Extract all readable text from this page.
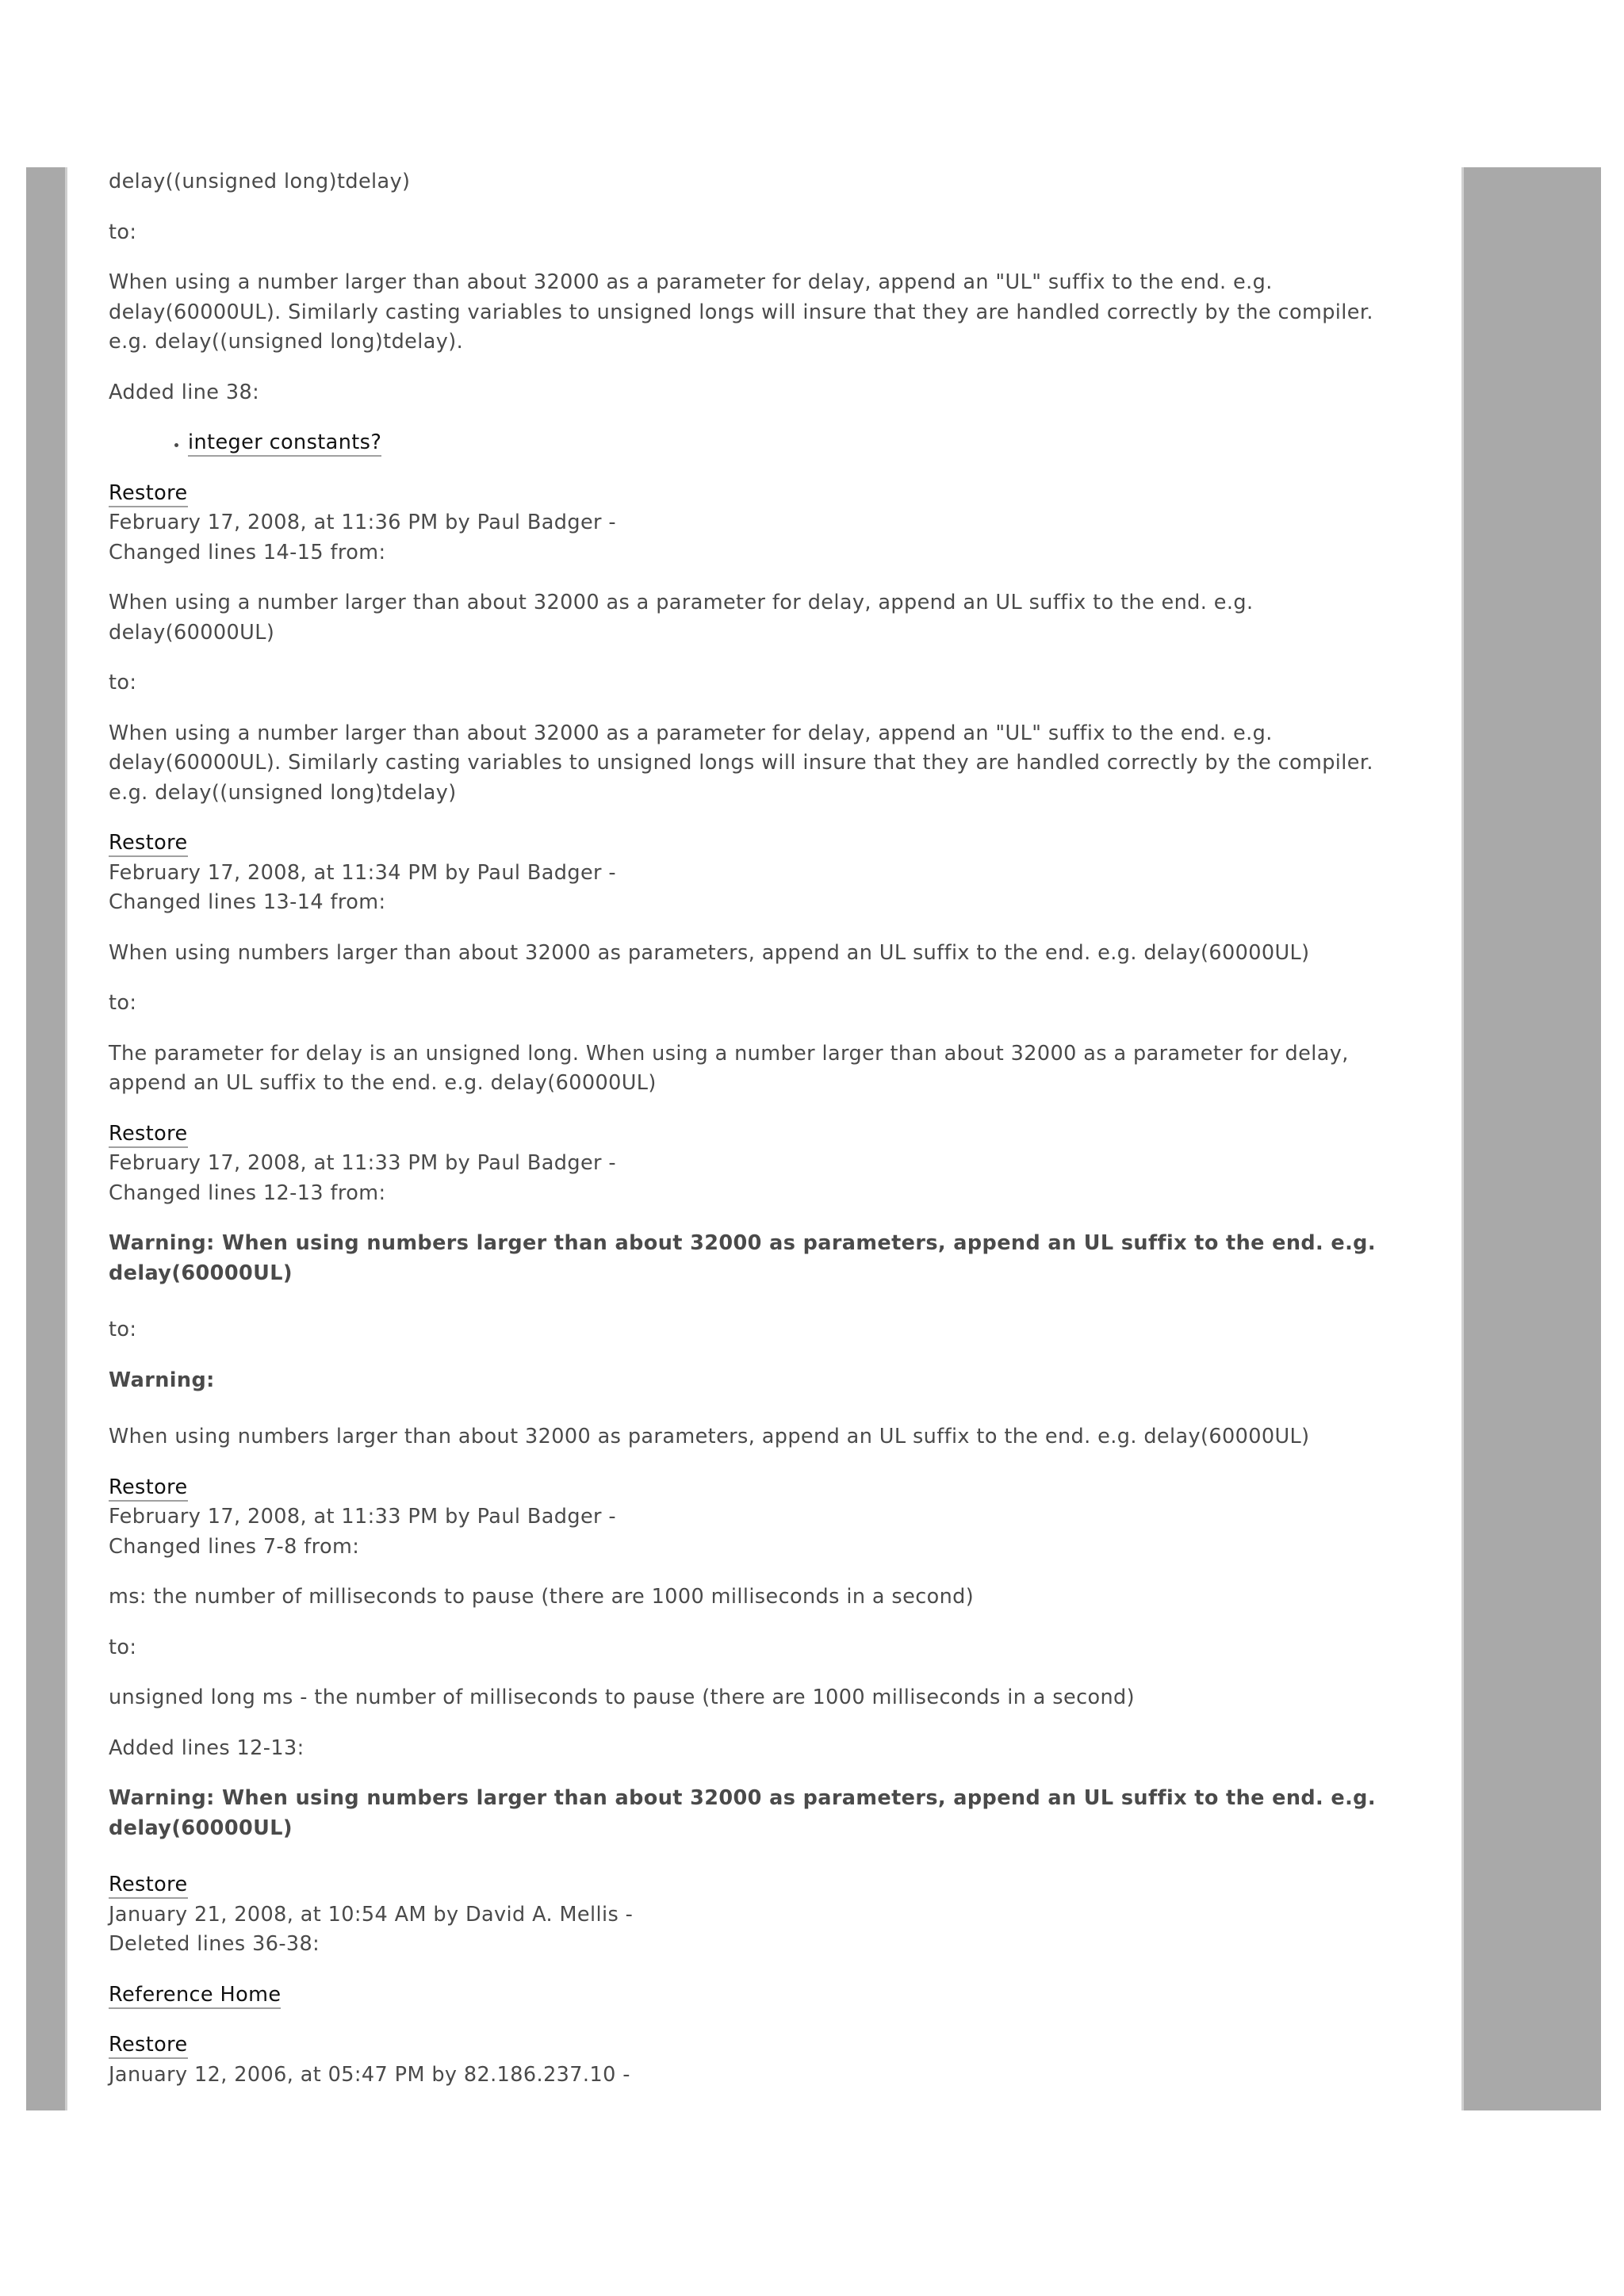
delay((unsigned long)tdelay)

to:

When using a number larger than about 32000 as a parameter for delay, append an "UL" suffix to the end. e.g. delay(60000UL). Similarly casting variables to unsigned longs will insure that they are handled correctly by the compiler. e.g. delay((unsigned long)tdelay).

Added line 38:

• integer constants?
Restore
February 17, 2008, at 11:36 PM by Paul Badger -
Changed lines 14-15 from:

When using a number larger than about 32000 as a parameter for delay, append an UL suffix to the end. e.g. delay(60000UL)

to:

When using a number larger than about 32000 as a parameter for delay, append an "UL" suffix to the end. e.g. delay(60000UL). Similarly casting variables to unsigned longs will insure that they are handled correctly by the compiler. e.g. delay((unsigned long)tdelay)

Restore
February 17, 2008, at 11:34 PM by Paul Badger -
Changed lines 13-14 from:

When using numbers larger than about 32000 as parameters, append an UL suffix to the end. e.g. delay(60000UL)

to:

The parameter for delay is an unsigned long. When using a number larger than about 32000 as a parameter for delay, append an UL suffix to the end. e.g. delay(60000UL)

Restore
February 17, 2008, at 11:33 PM by Paul Badger -
Changed lines 12-13 from:

Warning: When using numbers larger than about 32000 as parameters, append an UL suffix to the end. e.g. delay(60000UL)

to:

Warning:

When using numbers larger than about 32000 as parameters, append an UL suffix to the end. e.g. delay(60000UL)

Restore
February 17, 2008, at 11:33 PM by Paul Badger -
Changed lines 7-8 from:

ms: the number of milliseconds to pause (there are 1000 milliseconds in a second)

to:

unsigned long ms - the number of milliseconds to pause (there are 1000 milliseconds in a second)

Added lines 12-13:

Warning: When using numbers larger than about 32000 as parameters, append an UL suffix to the end. e.g. delay(60000UL)

Restore
January 21, 2008, at 10:54 AM by David A. Mellis -
Deleted lines 36-38:

Reference Home

Restore
January 12, 2006, at 05:47 PM by 82.186.237.10 -
